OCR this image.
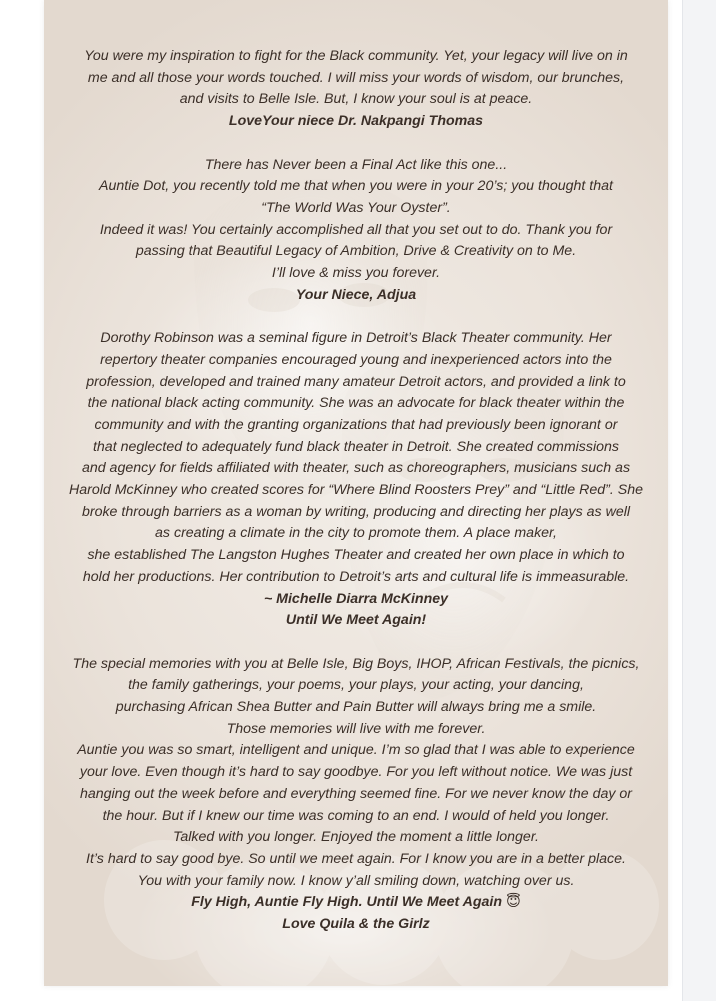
You were my inspiration to fight for the Black community. Yet, your legacy will live on in
me and all those your words touched. I will miss your words of wisdom, our brunches,
and visits to Belle Isle. But, I know your soul is at peace.
LoveYour niece Dr. Nakpangi Thomas
There has Never been a Final Act like this one...
Auntie Dot, you recently told me that when you were in your 20’s; you thought that
“The World Was Your Oyster”.
Indeed it was! You certainly accomplished all that you set out to do. Thank you for
passing that Beautiful Legacy of Ambition, Drive & Creativity on to Me.
I’ll love & miss you forever.
Your Niece, Adjua
Dorothy Robinson was a seminal figure in Detroit’s Black Theater community. Her
repertory theater companies encouraged young and inexperienced actors into the
profession, developed and trained many amateur Detroit actors, and provided a link to
the national black acting community. She was an advocate for black theater within the
community and with the granting organizations that had previously been ignorant or
that neglected to adequately fund black theater in Detroit. She created commissions
and agency for fields affiliated with theater, such as choreographers, musicians such as
Harold McKinney who created scores for “Where Blind Roosters Prey” and “Little Red”. She
broke through barriers as a woman by writing, producing and directing her plays as well
as creating a climate in the city to promote them. A place maker,
she established The Langston Hughes Theater and created her own place in which to
hold her productions. Her contribution to Detroit’s arts and cultural life is immeasurable.
~ Michelle Diarra McKinney
Until We Meet Again!
The special memories with you at Belle Isle, Big Boys, IHOP, African Festivals, the picnics,
the family gatherings, your poems, your plays, your acting, your dancing,
purchasing African Shea Butter and Pain Butter will always bring me a smile.
Those memories will live with me forever.
Auntie you was so smart, intelligent and unique. I’m so glad that I was able to experience
your love. Even though it’s hard to say goodbye. For you left without notice. We was just
hanging out the week before and everything seemed fine. For we never know the day or
the hour. But if I knew our time was coming to an end. I would of held you longer.
Talked with you longer. Enjoyed the moment a little longer.
It’s hard to say good bye. So until we meet again. For I know you are in a better place.
You with your family now. I know y’all smiling down, watching over us.
Fly High, Auntie Fly High. Until We Meet Again 😇
Love Quila & the Girlz
